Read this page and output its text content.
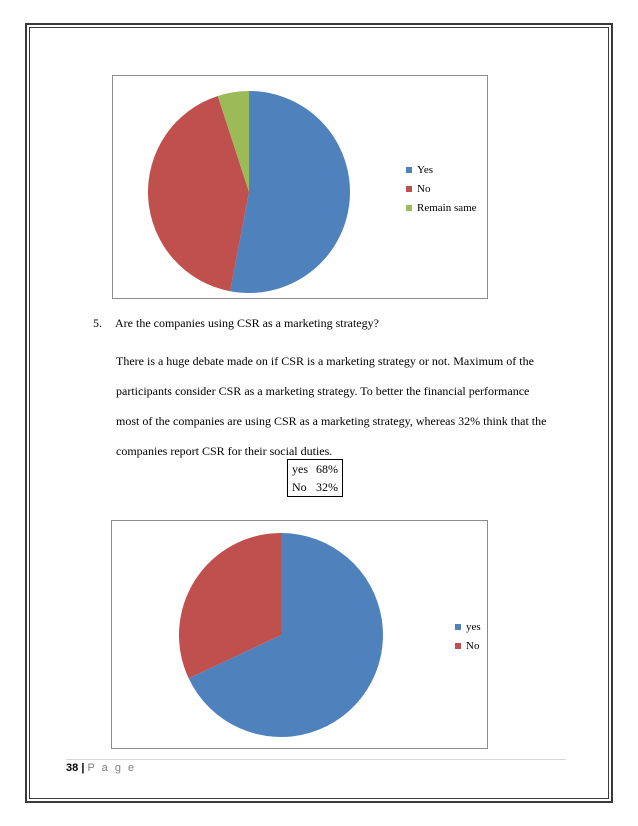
Yes
No
Remain same
5. Are the companies using CSR as a marketing strategy?

There is a huge debate made on if CSR is a marketing strategy or not. Maximum of the
participants consider CSR as a marketing strategy. To better the financial performance
most of the companies are using CSR as a marketing strategy, whereas 32% think that the
companies report CSR for their social duties.

yes	68%
No	32%
yes
No
38 | P a g e
